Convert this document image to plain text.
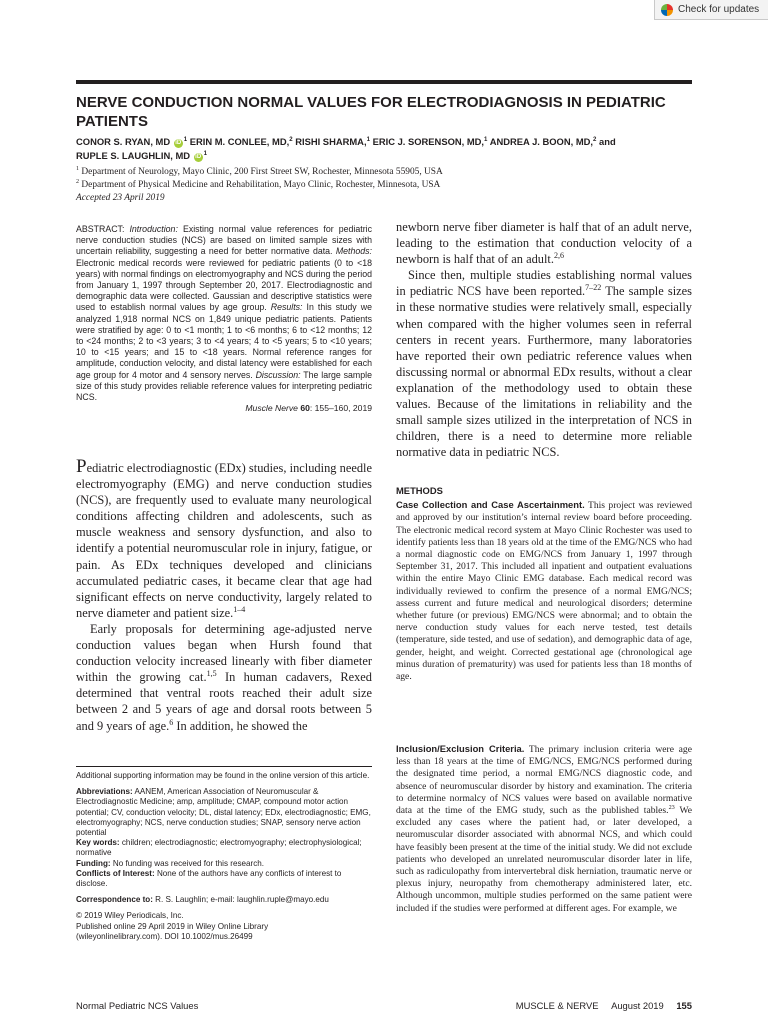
Check for updates
NERVE CONDUCTION NORMAL VALUES FOR ELECTRODIAGNOSIS IN PEDIATRIC PATIENTS
CONOR S. RYAN, MD $iD^1$ ERIN M. CONLEE, MD,$^2$ RISHI SHARMA,$^1$ ERIC J. SORENSON, MD,$^1$ ANDREA J. BOON, MD,$^2$ and
RUPLE S. LAUGHLIN, MD $iD^1$

$^1$ Department of Neurology, Mayo Clinic, 200 First Street SW, Rochester, Minnesota 55905, USA

$^2$ Department of Physical Medicine and Rehabilitation, Mayo Clinic, Rochester, Minnesota, USA

Accepted 23 April 2019

ABSTRACT: Introduction: Existing normal value references for pediatric nerve conduction studies (NCS) are based on limited sample sizes with uncertain reliability, suggesting a need for better normative data. Methods: Electronic medical records were reviewed for pediatric patients (0 to <18 years) with normal findings on electromyography and NCS during the period from January 1, 1997 through September 20, 2017. Electrodiagnostic and demographic data were collected. Gaussian and descriptive statistics were used to establish normal values by age group. Results: In this study we analyzed 1,918 normal NCS on 1,849 unique pediatric patients. Patients were stratified by age: 0 to <1 month; 1 to <6 months; 6 to <12 months; 12 to <24 months; 2 to <3 years; 3 to <4 years; 4 to <5 years; 5 to <10 years; 10 to <15 years; and 15 to <18 years. Normal reference ranges for amplitude, conduction velocity, and distal latency were established for each age group for 4 motor and 4 sensory nerves. Discussion: The large sample size of this study provides reliable reference values for interpreting pediatric NCS.

Muscle Nerve 60: 155–160, 2019

Pediatric electrodiagnostic (EDx) studies, including needle electromyography (EMG) and nerve conduction studies (NCS), are frequently used to evaluate many neurological conditions affecting children and adolescents, such as muscle weakness and sensory dysfunction, and also to identify a potential neuromuscular role in injury, fatigue, or pain. As EDx techniques developed and clinicians accumulated pediatric cases, it became clear that age had significant effects on nerve conductivity, largely related to nerve diameter and patient size.$^{1-4}$

Early proposals for determining age-adjusted nerve conduction values began when Hursh found that conduction velocity increased linearly with fiber diameter within the growing cat.$^{1,5}$ In human cadavers, Rexed determined that ventral roots reached their adult size between 2 and 5 years of age and dorsal roots between 5 and 9 years of age.$^6$ In addition, he showed the

Additional supporting information may be found in the online version of this article.

Abbreviations: AANEM, American Association of Neuromuscular & Electrodiagnostic Medicine; amp, amplitude; CMAP, compound motor action potential; CV, conduction velocity; DL, distal latency; EDx, electrodiagnostic; EMG, electromyography; NCS, nerve conduction studies; SNAP, sensory nerve action potential

Key words: children; electrodiagnostic; electromyography; electrophysiological; normative

Funding: No funding was received for this research.

Conflicts of Interest: None of the authors have any conflicts of interest to disclose.

Correspondence to: R. S. Laughlin; e-mail: laughlin.ruple@mayo.edu

© 2019 Wiley Periodicals, Inc.

Published online 29 April 2019 in Wiley Online Library

(wileyonlinelibrary.com). DOI 10.1002/mus.26499

newborn nerve fiber diameter is half that of an adult nerve, leading to the estimation that conduction velocity of a newborn is half that of an adult.$^{2,6}$

Since then, multiple studies establishing normal values in pediatric NCS have been reported.$^{7-22}$ The sample sizes in these normative studies were relatively small, especially when compared with the higher volumes seen in referral centers in recent years. Furthermore, many laboratories have reported their own pediatric reference values when discussing normal or abnormal EDx results, without a clear explanation of the methodology used to obtain these values. Because of the limitations in reliability and the small sample sizes utilized in the interpretation of NCS in children, there is a need to determine more reliable normative data in pediatric NCS.

METHODS

Case Collection and Case Ascertainment. This project was reviewed and approved by our institution’s internal review board before proceeding. The electronic medical record system at Mayo Clinic Rochester was used to identify patients less than 18 years old at the time of the EMG/NCS who had a normal diagnostic code on EMG/NCS from January 1, 1997 through September 31, 2017. This included all inpatient and outpatient evaluations within the entire Mayo Clinic EMG database. Each medical record was individually reviewed to confirm the presence of a normal EMG/NCS; assess current and future medical and neurological disorders; determine whether future (or previous) EMG/NCS were abnormal; and to obtain the nerve conduction study values for each nerve tested, test details (temperature, side tested, and use of sedation), and demographic data of age, gender, height, and weight. Corrected gestational age (chronological age minus duration of prematurity) was used for patients less than 18 months of age.

Inclusion/Exclusion Criteria. The primary inclusion criteria were age less than 18 years at the time of EMG/NCS, EMG/NCS performed during the designated time period, a normal EMG/NCS diagnostic code, and absence of neuromuscular disorder by history and examination. The criteria to determine normalcy of NCS values were based on available normative data at the time of the EMG study, such as the published tables.$^{23}$ We excluded any cases where the patient had, or later developed, a neuromuscular disorder associated with abnormal NCS, and which could have feasibly been present at the time of the initial study. We did not exclude patients who developed an unrelated neuromuscular disorder later in life, such as radiculopathy from intervertebral disk herniation, traumatic nerve or plexus injury, neuropathy from chemotherapy administered later, etc. Although uncommon, multiple studies performed on the same patient were included if the studies were performed at different ages. For example, we

Normal Pediatric NCS Values	MUSCLE & NERVE August 2019 155
